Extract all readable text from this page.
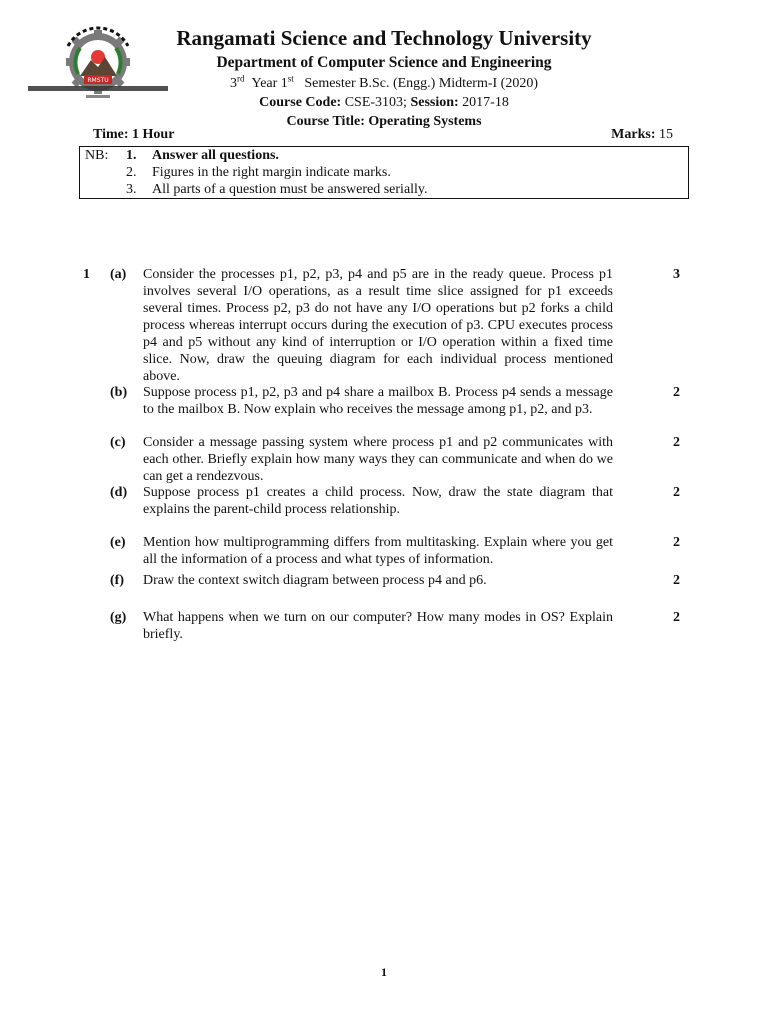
RMSTU
Rangamati Science and Technology University
Department of Computer Science and Engineering
3rd Year 1st Semester B.Sc. (Engg.) Midterm-I (2020)
Course Code: CSE-3103; Session: 2017-18
Course Title: Operating Systems
Time: 1 Hour	Marks: 15
NB: 1. Answer all questions.
2. Figures in the right margin indicate marks.
3. All parts of a question must be answered serially.
1 (a) Consider the processes p1, p2, p3, p4 and p5 are in the ready queue. Process p1 involves several I/O operations, as a result time slice assigned for p1 exceeds several times. Process p2, p3 do not have any I/O operations but p2 forks a child process whereas interrupt occurs during the execution of p3. CPU executes process p4 and p5 without any kind of interruption or I/O operation within a fixed time slice. Now, draw the queuing diagram for each individual process mentioned above.
3
(b) Suppose process p1, p2, p3 and p4 share a mailbox B. Process p4 sends a message to the mailbox B. Now explain who receives the message among p1, p2, and p3.
2
(c) Consider a message passing system where process p1 and p2 communicates with each other. Briefly explain how many ways they can communicate and when do we can get a rendezvous.
2
(d) Suppose process p1 creates a child process. Now, draw the state diagram that explains the parent-child process relationship.
2
(e) Mention how multiprogramming differs from multitasking. Explain where you get all the information of a process and what types of information.
2
(f) Draw the context switch diagram between process p4 and p6.	2
(g) What happens when we turn on our computer? How many modes in OS? Explain briefly.
2
1
